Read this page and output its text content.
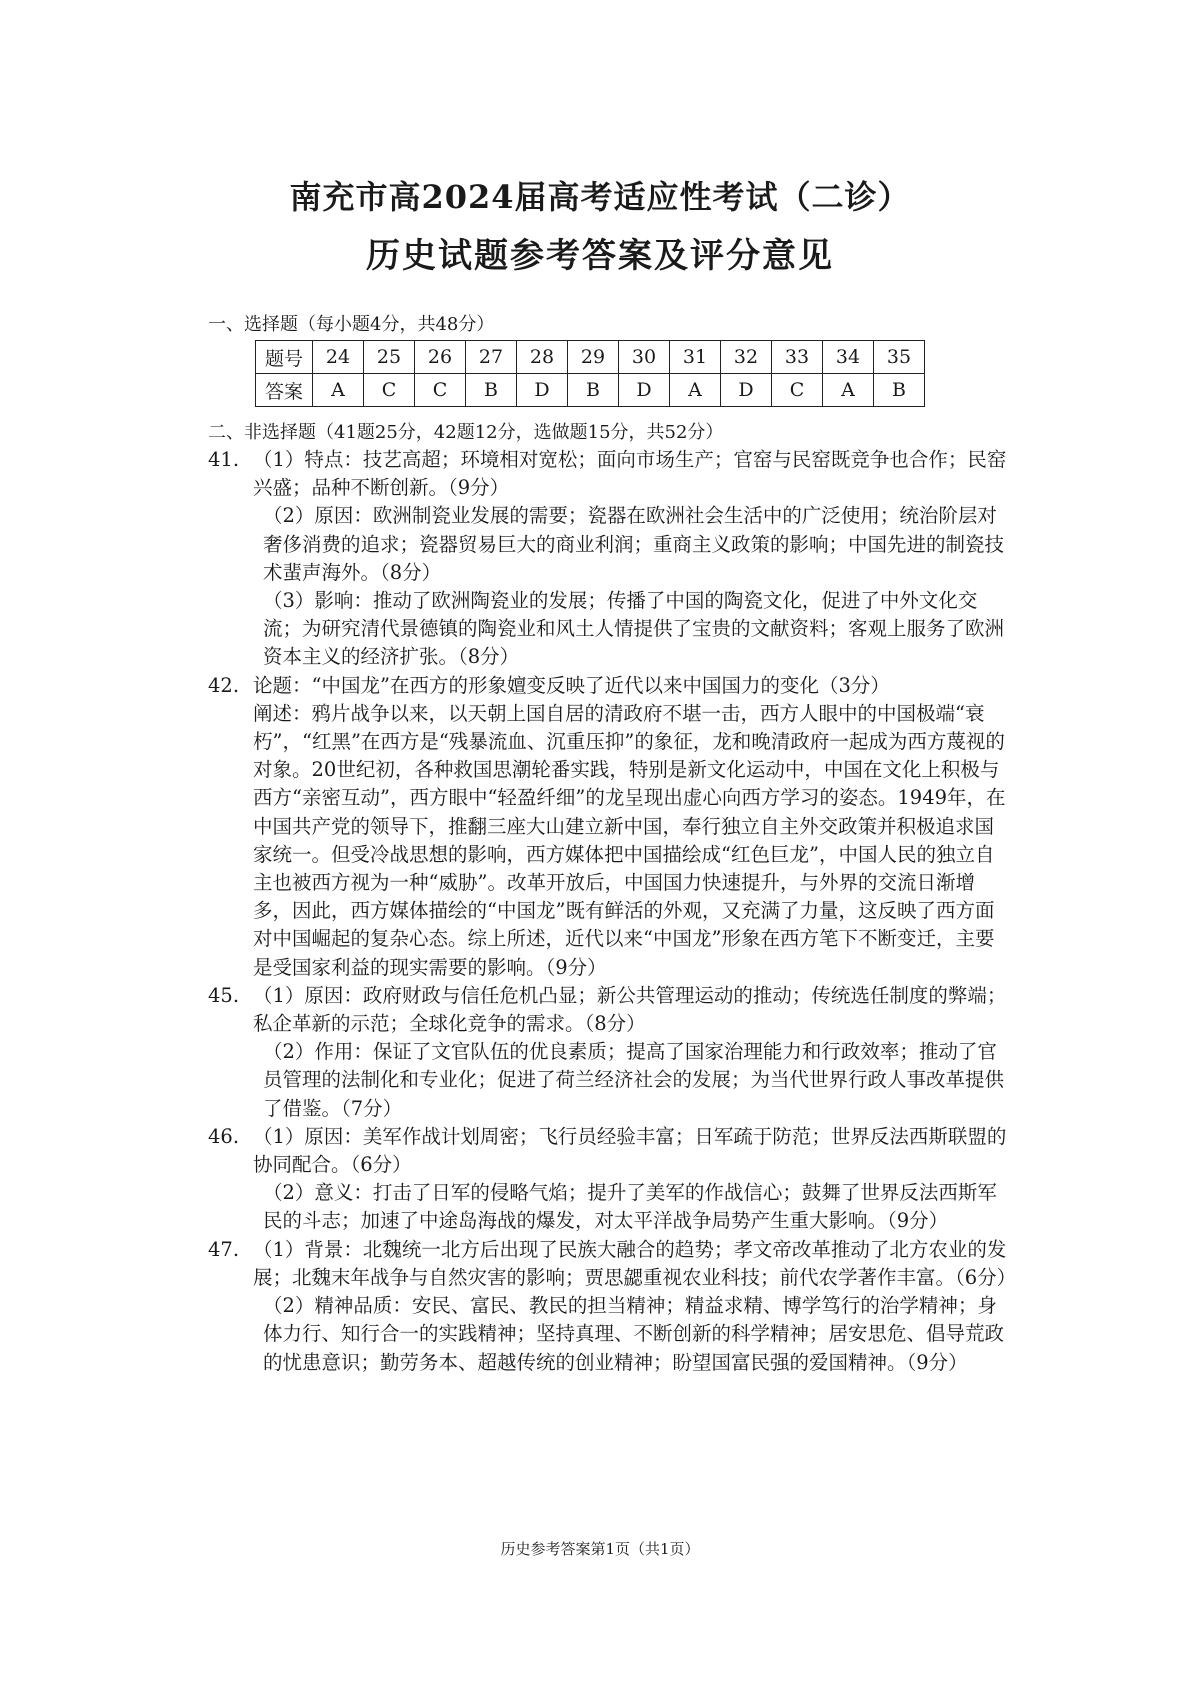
南充市高2024届高考适应性考试（二诊）
历史试题参考答案及评分意见
一、选择题（每小题4分，共48分）
题号	24	25	26	27	28	29	30	31	32	33	34	35
答案	A	C	C	B	D	B	D	A	D	C	A	B
二、非选择题（41题25分，42题12分，选做题15分，共52分）
41. （1）特点：技艺高超；环境相对宽松；面向市场生产；官窑与民窑既竞争也合作；民窑兴盛；品种不断创新。（9分）

（2）原因：欧洲制瓷业发展的需要；瓷器在欧洲社会生活中的广泛使用；统治阶层对奢侈消费的追求；瓷器贸易巨大的商业利润；重商主义政策的影响；中国先进的制瓷技术蜚声海外。（8分）

（3）影响：推动了欧洲陶瓷业的发展；传播了中国的陶瓷文化，促进了中外文化交流；为研究清代景德镇的陶瓷业和风土人情提供了宝贵的文献资料；客观上服务了欧洲资本主义的经济扩张。（8分）

42. 论题：“中国龙”在西方的形象嬗变反映了近代以来中国国力的变化（3分）

阐述：鸦片战争以来，以天朝上国自居的清政府不堪一击，西方人眼中的中国极端“衰朽”，“红黑”在西方是“残暴流血、沉重压抑”的象征，龙和晚清政府一起成为西方蔑视的对象。20世纪初，各种救国思潮轮番实践，特别是新文化运动中，中国在文化上积极与西方“亲密互动”，西方眼中“轻盈纤细”的龙呈现出虚心向西方学习的姿态。1949年，在中国共产党的领导下，推翻三座大山建立新中国，奉行独立自主外交政策并积极追求国家统一。但受冷战思想的影响，西方媒体把中国描绘成“红色巨龙”，中国人民的独立自主也被西方视为一种“威胁”。改革开放后，中国国力快速提升，与外界的交流日渐增多，因此，西方媒体描绘的“中国龙”既有鲜活的外观，又充满了力量，这反映了西方面对中国崛起的复杂心态。综上所述，近代以来“中国龙”形象在西方笔下不断变迁，主要是受国家利益的现实需要的影响。（9分）

45. （1）原因：政府财政与信任危机凸显；新公共管理运动的推动；传统选任制度的弊端；私企革新的示范；全球化竞争的需求。（8分）

（2）作用：保证了文官队伍的优良素质；提高了国家治理能力和行政效率；推动了官员管理的法制化和专业化；促进了荷兰经济社会的发展；为当代世界行政人事改革提供了借鉴。（7分）

46. （1）原因：美军作战计划周密；飞行员经验丰富；日军疏于防范；世界反法西斯联盟的协同配合。（6分）

（2）意义：打击了日军的侵略气焰；提升了美军的作战信心；鼓舞了世界反法西斯军民的斗志；加速了中途岛海战的爆发，对太平洋战争局势产生重大影响。（9分）

47. （1）背景：北魏统一北方后出现了民族大融合的趋势；孝文帝改革推动了北方农业的发展；北魏末年战争与自然灾害的影响；贾思勰重视农业科技；前代农学著作丰富。（6分）

（2）精神品质：安民、富民、教民的担当精神；精益求精、博学笃行的治学精神；身体力行、知行合一的实践精神；坚持真理、不断创新的科学精神；居安思危、倡导荒政的忧患意识；勤劳务本、超越传统的创业精神；盼望国富民强的爱国精神。（9分）

历史参考答案第1页（共1页）
